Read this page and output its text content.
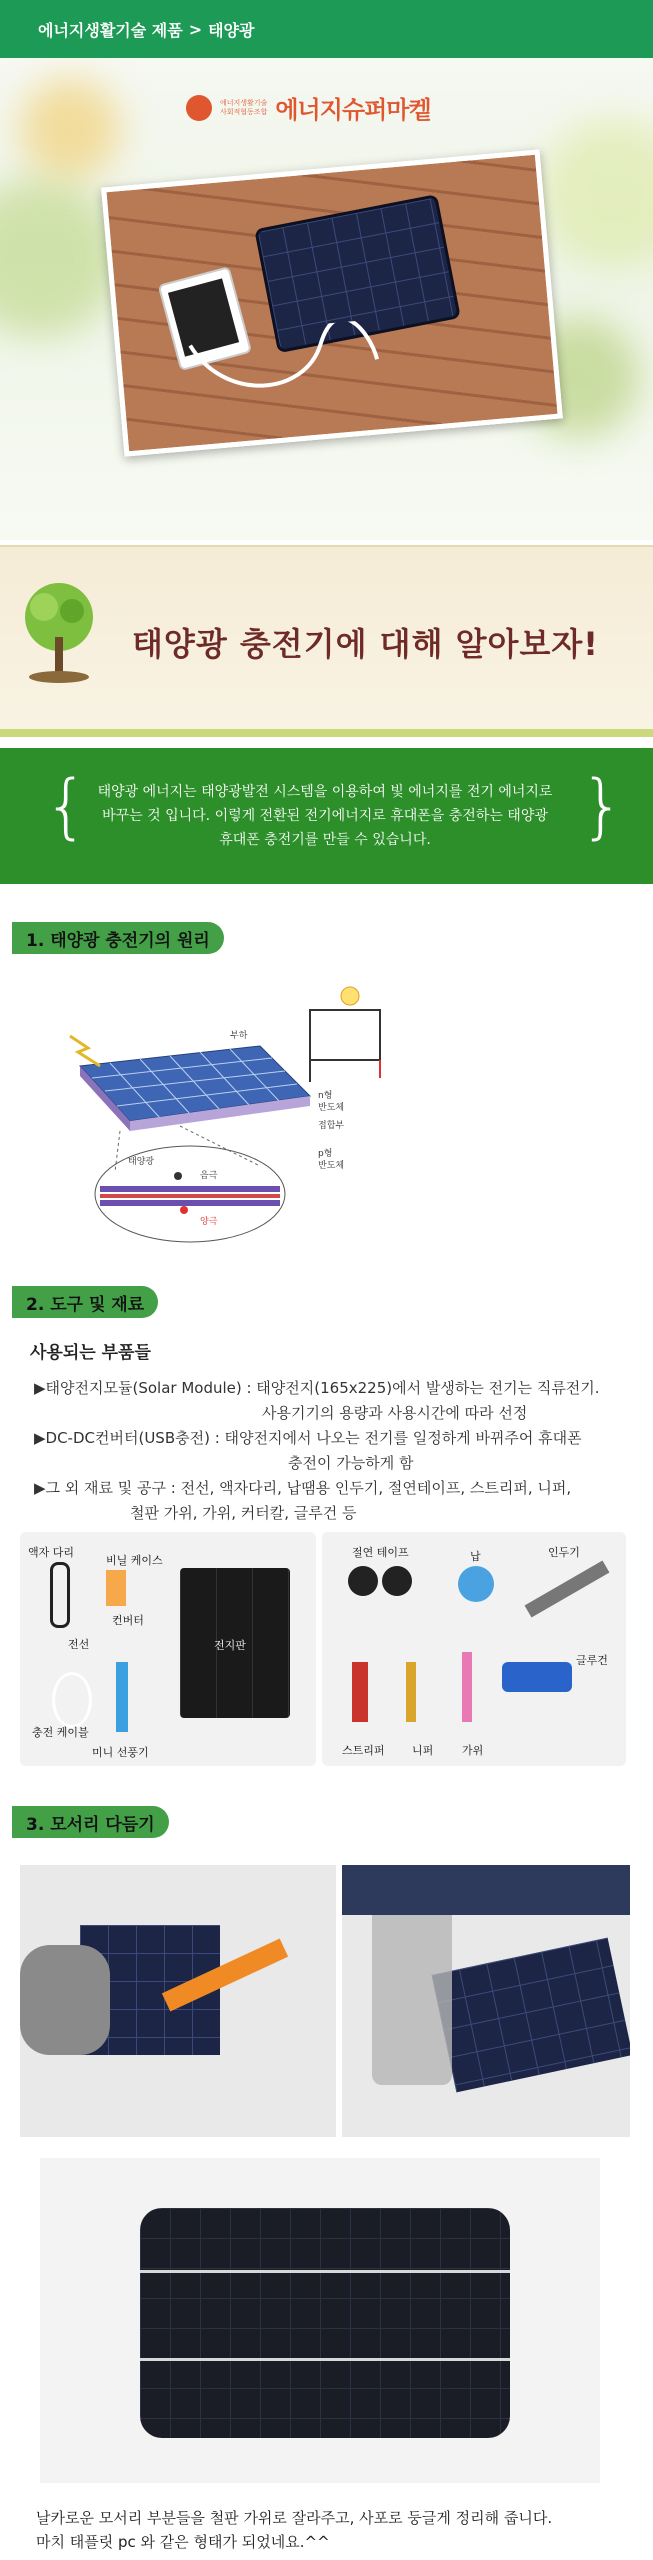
에너지생활기술 제품 > 태양광
에너지생활기술
사회적협동조합 에너지슈퍼마켙
태양광 충전기에 대해 알아보자!
{ 태양광 에너지는 태양광발전 시스템을 이용하여 빛 에너지를 전기 에너지로
바꾸는 것 입니다. 이렇게 전환된 전기에너지로 휴대폰을 충전하는 태양광
휴대폰 충전기를 만들 수 있습니다.	}
1. 태양광 충전기의 원리
부하
n형
반도체
접합부
p형
반도체
태양광
음극
양극
2. 도구 및 재료
사용되는 부품들
▶태양전지모듈(Solar Module) : 태양전지(165x225)에서 발생하는 전기는 직류전기.
사용기기의 용량과 사용시간에 따라 선정
▶DC-DC컨버터(USB충전) : 태양전지에서 나오는 전기를 일정하게 바뀌주어 휴대폰
충전이 가능하게 함
▶그 외 재료 및 공구 : 전선, 액자다리, 납땜용 인두기, 절연테이프, 스트리퍼, 니퍼,
철판 가위, 가위, 커터칼, 글루건 등
전지판
액자 다리
비닐 케이스
컨버터
전선
충전 케이블
미니 선풍기
절연 테이프	납	인두기
글루건
스트리퍼 니퍼	가위
3. 모서리 다듬기
날카로운 모서리 부분들을 철판 가위로 잘라주고, 사포로 둥글게 정리해 줍니다.
마치 태플릿 pc 와 같은 형태가 되었네요.^^
